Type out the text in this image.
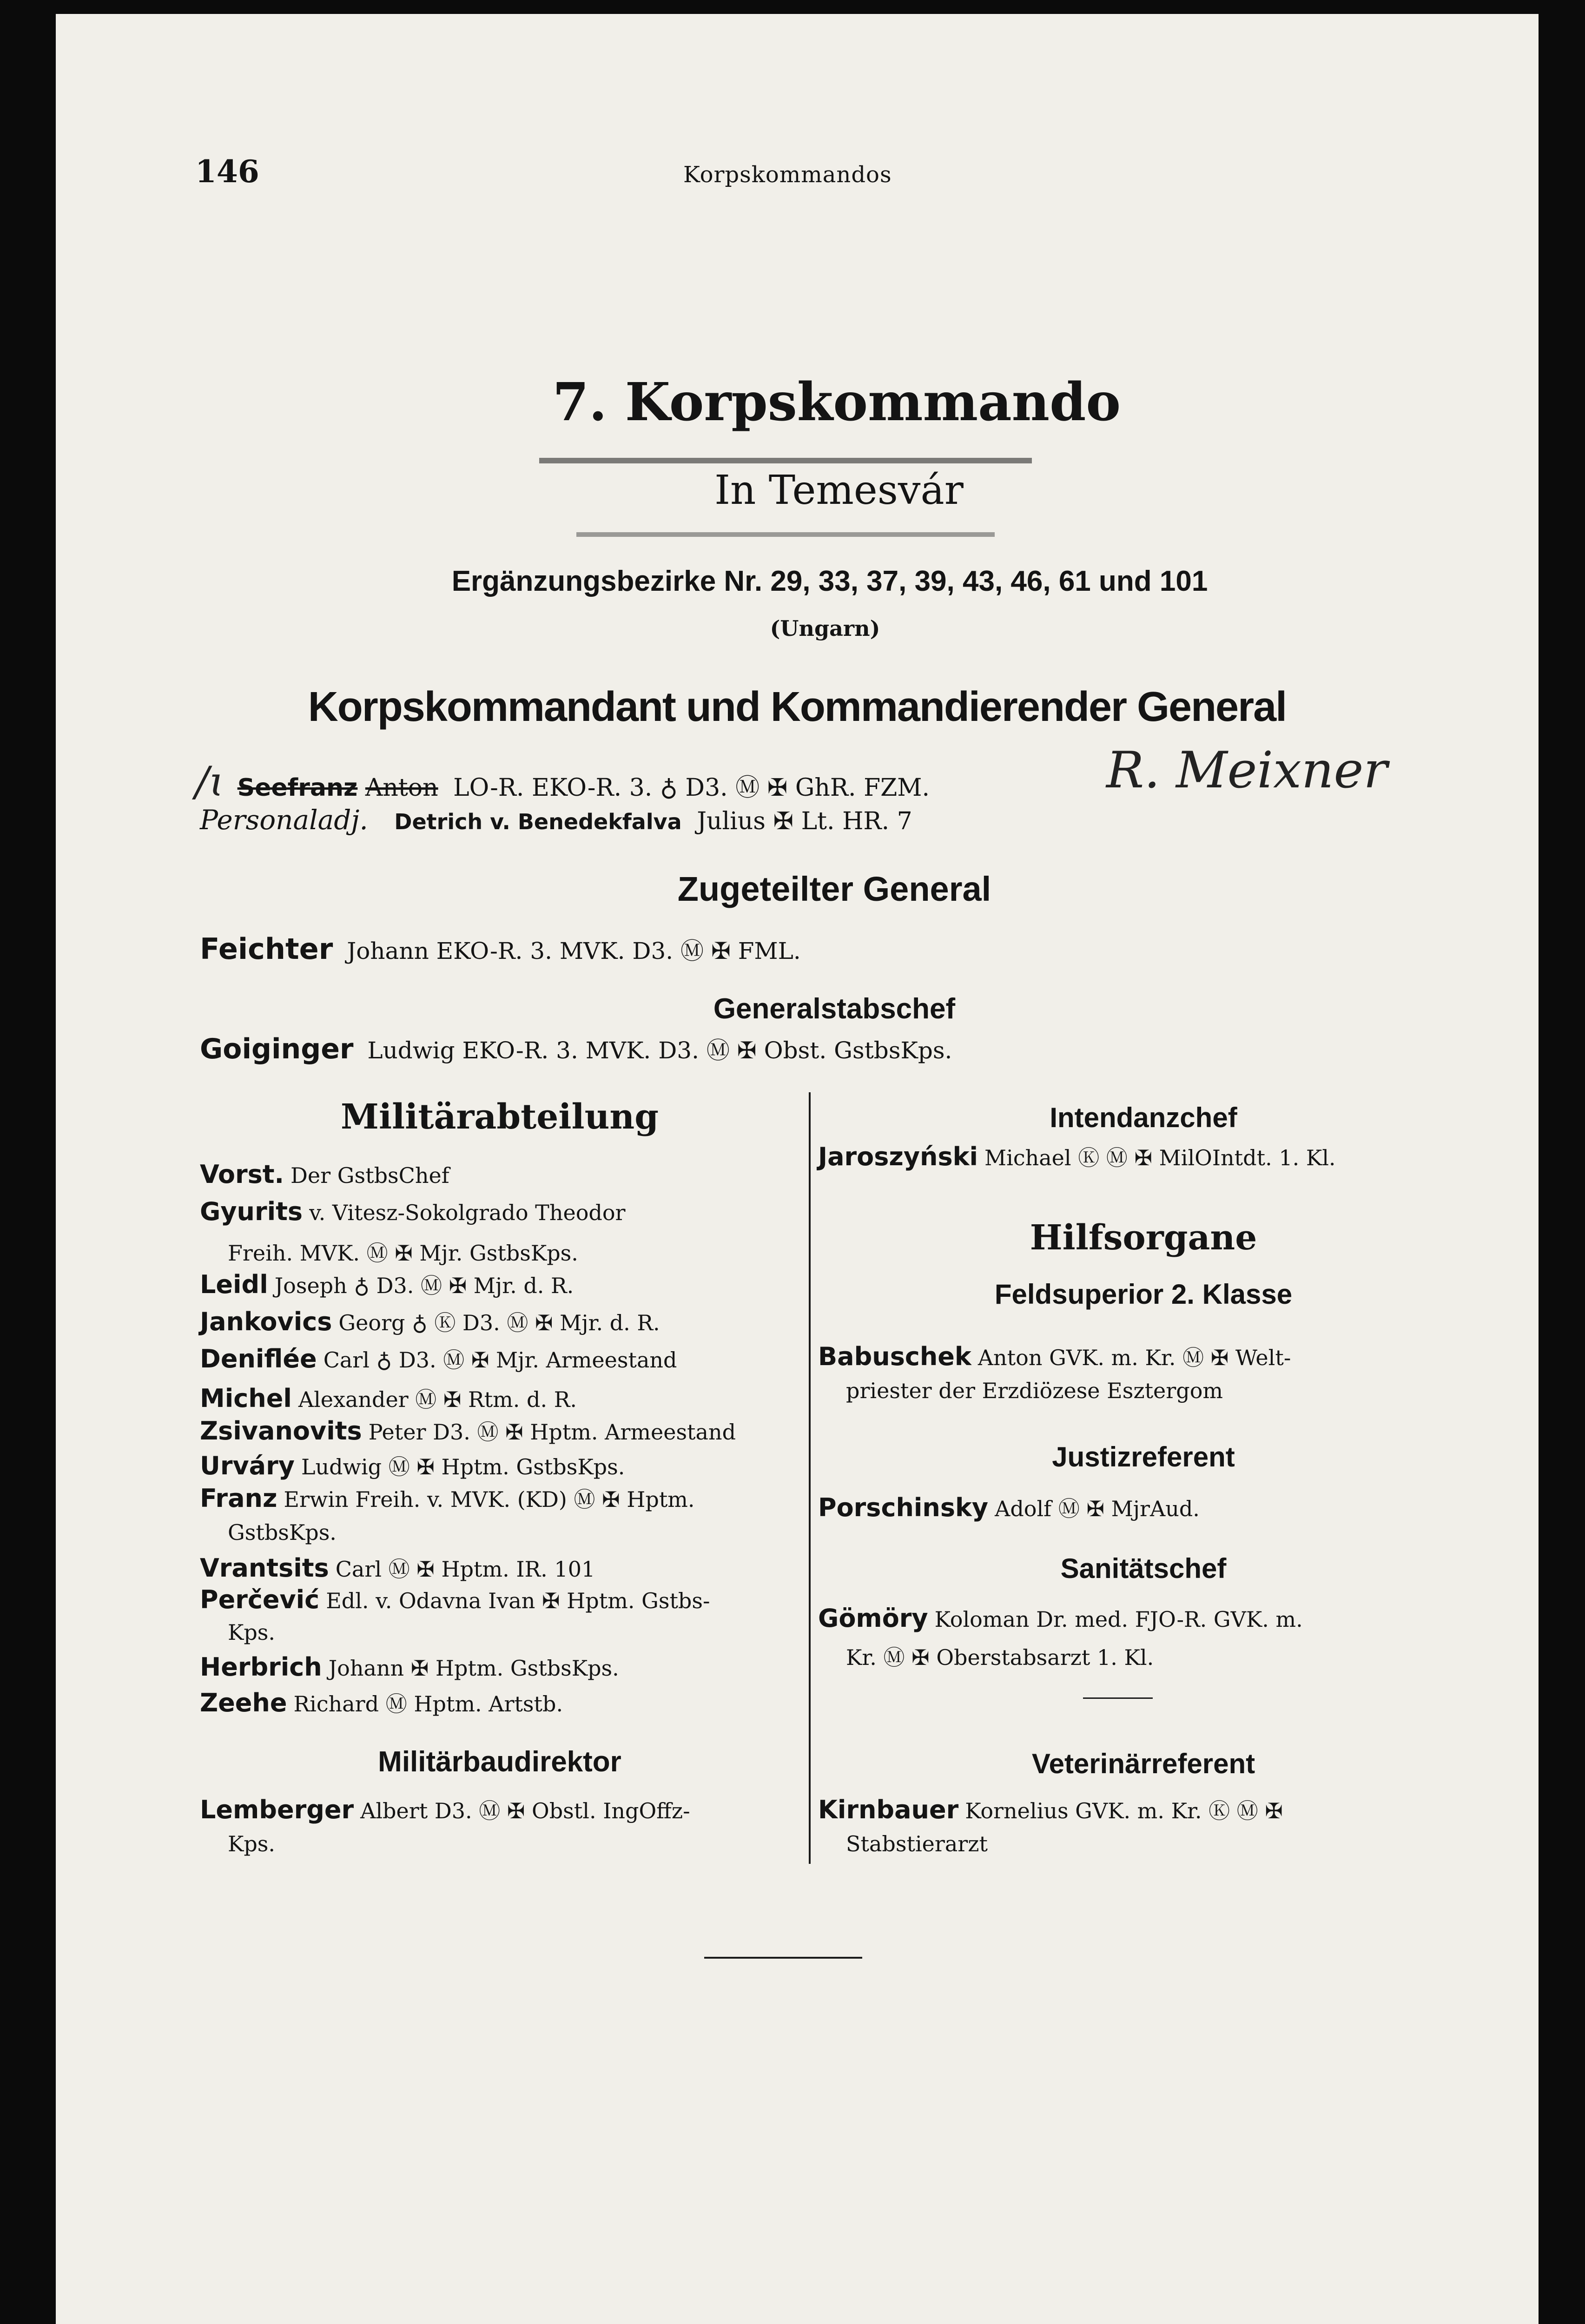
146	Korpskommandos
7. Korpskommando
In Temesvár
Ergänzungsbezirke Nr. 29, 33, 37, 39, 43, 46, 61 und 101
(Ungarn)
Korpskommandant und Kommandierender General
/ɩ Seefranz Anton LO-R. EKO-R. 3. ♁ D3. Ⓜ ✠ GhR. FZM.	R. Meixner
Personaladj. Detrich v. Benedekfalva Julius ✠ Lt. HR. 7
Zugeteilter General
Feichter Johann EKO-R. 3. MVK. D3. Ⓜ ✠ FML.
Generalstabschef
Goiginger Ludwig EKO-R. 3. MVK. D3. Ⓜ ✠ Obst. GstbsKps.
Militärabteilung
Vorst. Der GstbsChef
Gyurits v. Vitesz-Sokolgrado Theodor
Freih. MVK. Ⓜ ✠ Mjr. GstbsKps.
Leidl Joseph ♁ D3. Ⓜ ✠ Mjr. d. R.
Jankovics Georg ♁ Ⓚ D3. Ⓜ ✠ Mjr. d. R.
Deniflée Carl ♁ D3. Ⓜ ✠ Mjr. Armeestand
Michel Alexander Ⓜ ✠ Rtm. d. R.
Zsivanovits Peter D3. Ⓜ ✠ Hptm. Armeestand
Urváry Ludwig Ⓜ ✠ Hptm. GstbsKps.
Franz Erwin Freih. v. MVK. (KD) Ⓜ ✠ Hptm.
GstbsKps.
Vrantsits Carl Ⓜ ✠ Hptm. IR. 101
Perčević Edl. v. Odavna Ivan ✠ Hptm. Gstbs-
Kps.
Herbrich Johann ✠ Hptm. GstbsKps.
Zeehe Richard Ⓜ Hptm. Artstb.
Militärbaudirektor
Lemberger Albert D3. Ⓜ ✠ Obstl. IngOffz-
Kps.
Intendanzchef
Jaroszyński Michael Ⓚ Ⓜ ✠ MilOIntdt. 1. Kl.
Hilfsorgane
Feldsuperior 2. Klasse
Babuschek Anton GVK. m. Kr. Ⓜ ✠ Welt-
priester der Erzdiözese Esztergom
Justizreferent
Porschinsky Adolf Ⓜ ✠ MjrAud.
Sanitätschef
Gömöry Koloman Dr. med. FJO-R. GVK. m.
Kr. Ⓜ ✠ Oberstabsarzt 1. Kl.
Veterinärreferent
Kirnbauer Kornelius GVK. m. Kr. Ⓚ Ⓜ ✠
Stabstierarzt
